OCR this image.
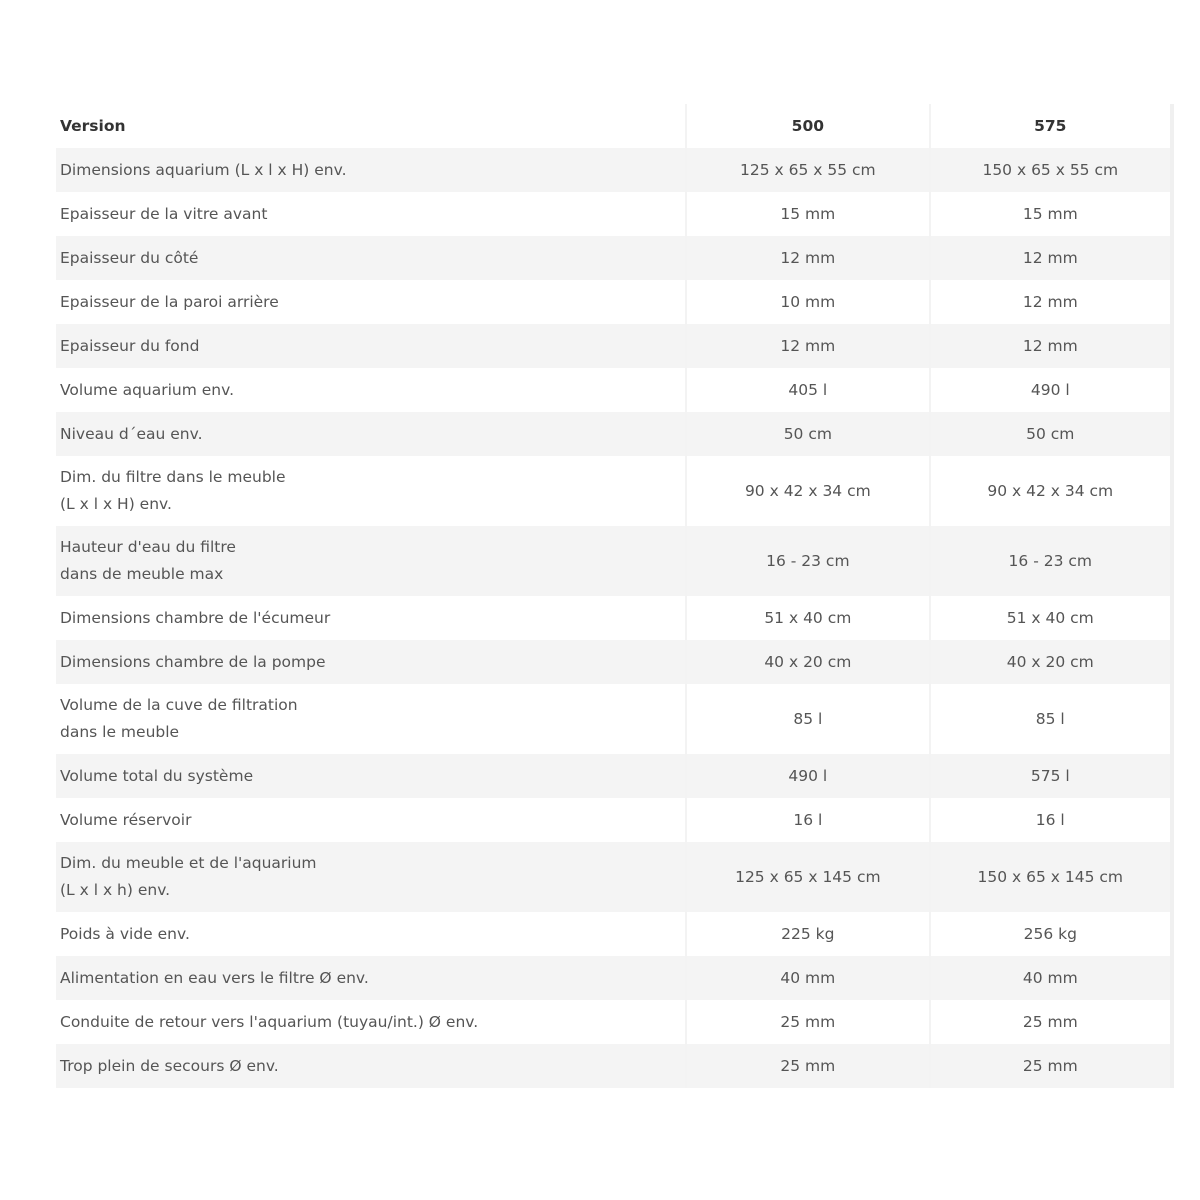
Version	500	575

Dimensions aquarium (L x l x H) env.	125 x 65 x 55 cm	150 x 65 x 55 cm

Epaisseur de la vitre avant	15 mm	15 mm

Epaisseur du côté	12 mm	12 mm

Epaisseur de la paroi arrière	10 mm	12 mm

Epaisseur du fond	12 mm	12 mm

Volume aquarium env.	405 l	490 l

Niveau d´eau env.	50 cm	50 cm

Dim. du filtre dans le meuble
(L x l x H) env.	90 x 42 x 34 cm	90 x 42 x 34 cm

Hauteur d'eau du filtre
dans de meuble max	16 - 23 cm	16 - 23 cm

Dimensions chambre de l'écumeur	51 x 40 cm	51 x 40 cm

Dimensions chambre de la pompe	40 x 20 cm	40 x 20 cm

Volume de la cuve de filtration
dans le meuble	85 l	85 l

Volume total du système	490 l	575 l

Volume réservoir	16 l	16 l

Dim. du meuble et de l'aquarium
(L x l x h) env.	125 x 65 x 145 cm	150 x 65 x 145 cm

Poids à vide env.	225 kg	256 kg

Alimentation en eau vers le filtre Ø env.	40 mm	40 mm

Conduite de retour vers l'aquarium (tuyau/int.) Ø env.	25 mm	25 mm

Trop plein de secours Ø env.	25 mm	25 mm
